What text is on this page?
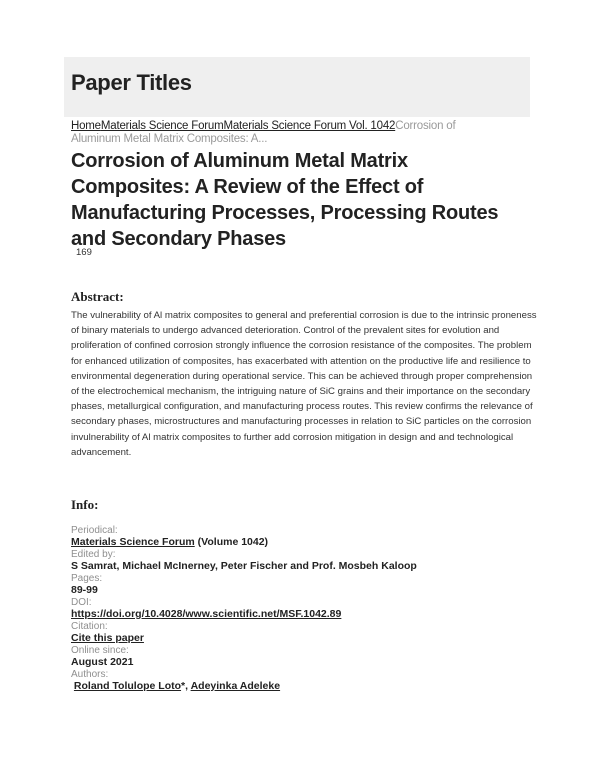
Paper Titles
HomeMaterials Science ForumMaterials Science Forum Vol. 1042Corrosion of Aluminum Metal Matrix Composites: A...
Corrosion of Aluminum Metal Matrix Composites: A Review of the Effect of Manufacturing Processes, Processing Routes and Secondary Phases
169
Abstract:

The vulnerability of Al matrix composites to general and preferential corrosion is due to the intrinsic proneness of binary materials to undergo advanced deterioration. Control of the prevalent sites for evolution and proliferation of confined corrosion strongly influence the corrosion resistance of the composites. The problem for enhanced utilization of composites, has exacerbated with attention on the productive life and resilience to environmental degeneration during operational service. This can be achieved through proper comprehension of the electrochemical mechanism, the intriguing nature of SiC grains and their importance on the secondary phases, metallurgical configuration, and manufacturing process routes. This review confirms the relevance of secondary phases, microstructures and manufacturing processes in relation to SiC particles on the corrosion invulnerability of Al matrix composites to further add corrosion mitigation in design and and technological advancement.

Info:
Periodical:
Materials Science Forum (Volume 1042)
Edited by:
S Samrat, Michael McInerney, Peter Fischer and Prof. Mosbeh Kaloop
Pages:
89-99
DOI:
https://doi.org/10.4028/www.scientific.net/MSF.1042.89
Citation:
Cite this paper
Online since:
August 2021
Authors:
Roland Tolulope Loto*, Adeyinka Adeleke
